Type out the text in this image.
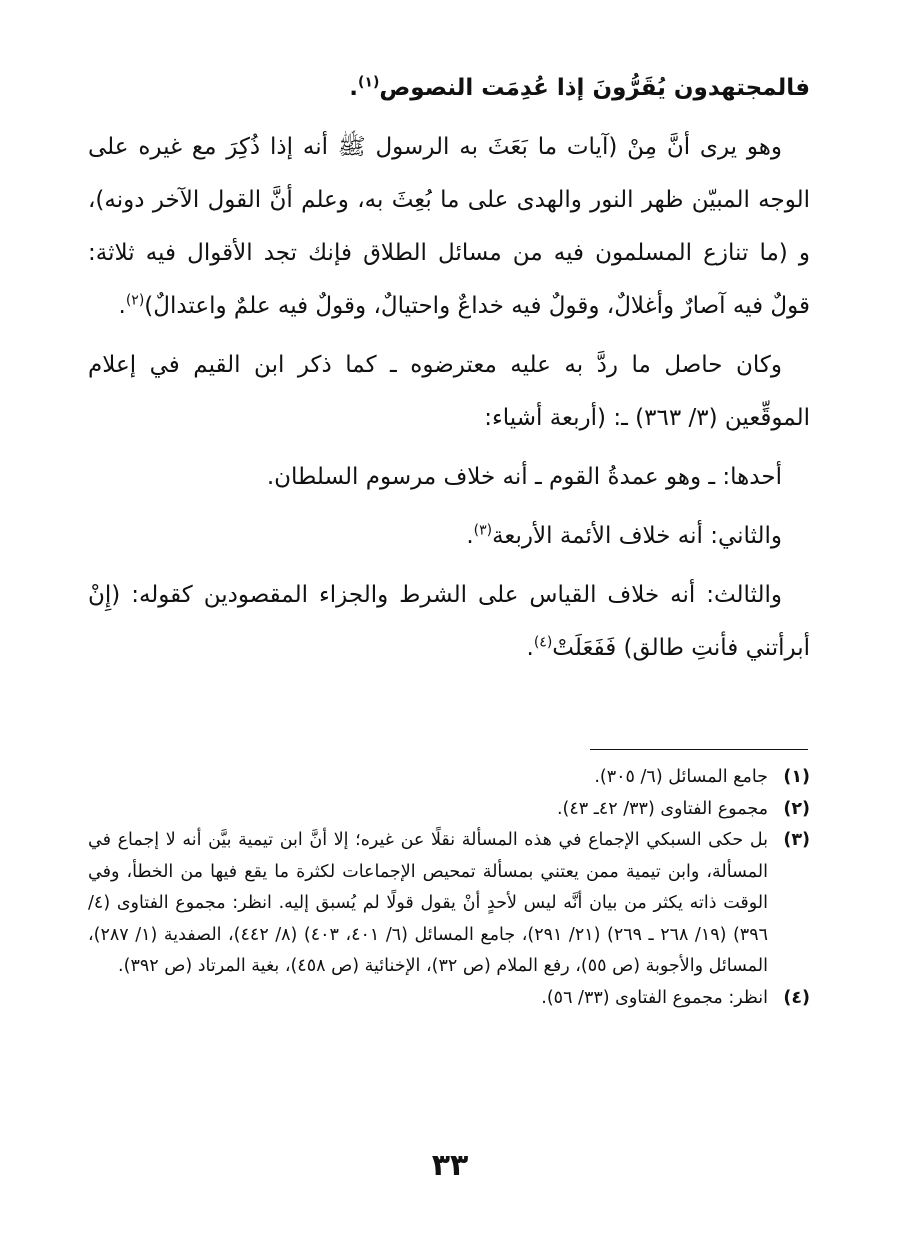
فالمجتهدون يُقَرُّونَ إذا عُدِمَت النصوص$^{(١)}$.

وهو يرى أنَّ مِنْ (آيات ما بَعَثَ به الرسول ﷺ أنه إذا ذُكِرَ مع غيره على الوجه المبيّن ظهر النور والهدى على ما بُعِثَ به، وعلم أنَّ القول الآخر دونه)، و (ما تنازع المسلمون فيه من مسائل الطلاق فإنك تجد الأقوال فيه ثلاثة: قولٌ فيه آصارٌ وأغلالٌ، وقولٌ فيه خداعٌ واحتيالٌ، وقولٌ فيه علمٌ واعتدالٌ)$^{(٢)}$.

وكان حاصل ما ردَّ به عليه معترضوه ـ كما ذكر ابن القيم في إعلام الموقِّعين (٣/ ٣٦٣) ـ: (أربعة أشياء:

أحدها: ـ وهو عمدةُ القوم ـ أنه خلاف مرسوم السلطان.

والثاني: أنه خلاف الأئمة الأربعة$^{(٣)}$.

والثالث: أنه خلاف القياس على الشرط والجزاء المقصودين كقوله: (إِنْ أبرأتني فأنتِ طالق) فَفَعَلَتْ$^{(٤)}$.

(١)
جامع المسائل (٦/ ٣٠٥).
(٢)
مجموع الفتاوى (٣٣/ ٤٢ـ ٤٣).
(٣)
بل حكى السبكي الإجماع في هذه المسألة نقلًا عن غيره؛ إلا أنَّ ابن تيمية بيَّن أنه لا إجماع في المسألة، وابن تيمية ممن يعتني بمسألة تمحيص الإجماعات لكثرة ما يقع فيها من الخطأ، وفي الوقت ذاته يكثر من بيان أنَّه ليس لأحدٍ أنْ يقول قولًا لم يُسبق إليه. انظر: مجموع الفتاوى (٤/ ٣٩٦) (١٩/ ٢٦٨ ـ ٢٦٩) (٢١/ ٢٩١)، جامع المسائل (٦/ ٤٠١، ٤٠٣) (٨/ ٤٤٢)، الصفدية (١/ ٢٨٧)، المسائل والأجوبة (ص ٥٥)، رفع الملام (ص ٣٢)، الإخنائية (ص ٤٥٨)، بغية المرتاد (ص ٣٩٢).
(٤)
انظر: مجموع الفتاوى (٣٣/ ٥٦).
٣٣
